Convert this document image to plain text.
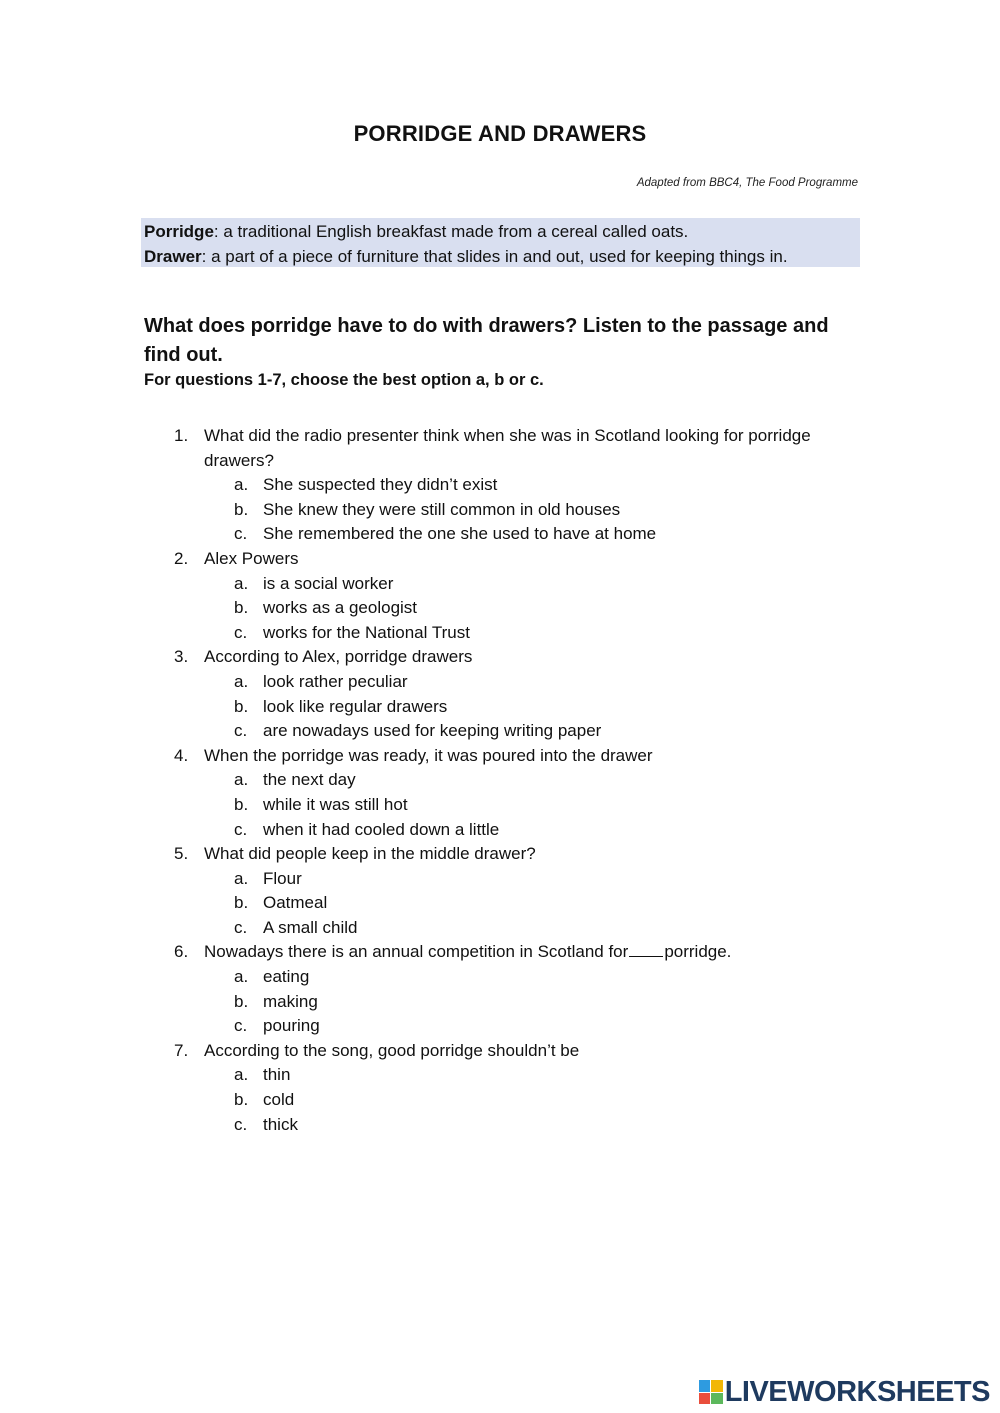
PORRIDGE AND DRAWERS
Adapted from BBC4, The Food Programme
Porridge: a traditional English breakfast made from a cereal called oats.
Drawer: a part of a piece of furniture that slides in and out, used for keeping things in.
What does porridge have to do with drawers? Listen to the passage and find out.
For questions 1-7, choose the best option a, b or c.
1. What did the radio presenter think when she was in Scotland looking for porridge drawers?
a. She suspected they didn’t exist
b. She knew they were still common in old houses
c. She remembered the one she used to have at home
2. Alex Powers
a. is a social worker
b. works as a geologist
c. works for the National Trust
3. According to Alex, porridge drawers
a. look rather peculiar
b. look like regular drawers
c. are nowadays used for keeping writing paper
4. When the porridge was ready, it was poured into the drawer
a. the next day
b. while it was still hot
c. when it had cooled down a little
5. What did people keep in the middle drawer?
a. Flour
b. Oatmeal
c. A small child
6. Nowadays there is an annual competition in Scotland for porridge.
a. eating
b. making
c. pouring
7. According to the song, good porridge shouldn’t be
a. thin
b. cold
c. thick
LIVEWORKSHEETS
